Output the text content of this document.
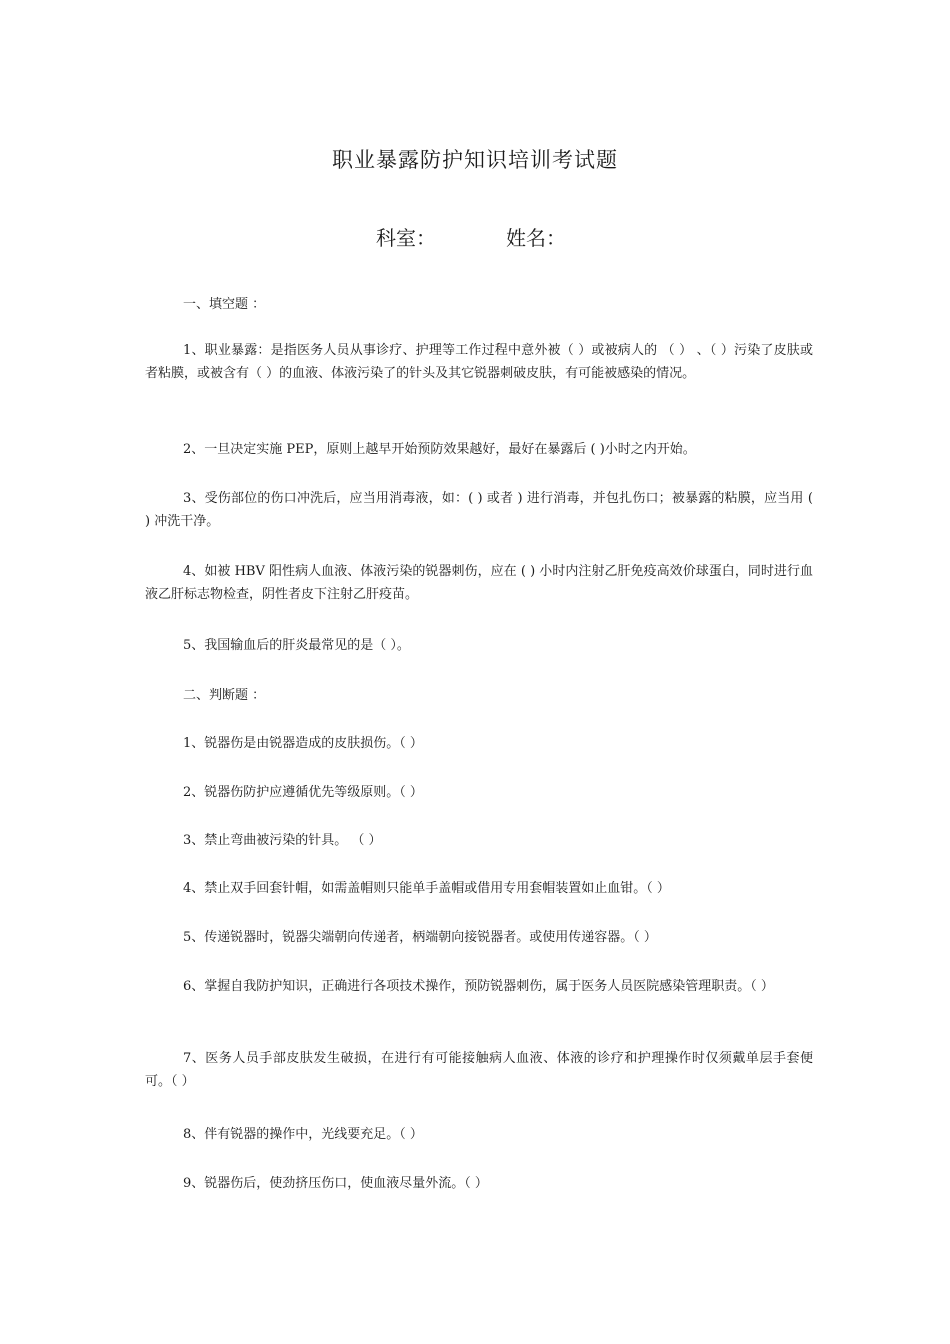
职业暴露防护知识培训考试题
科室：	姓名：
一、填空题 ：
1、职业暴露：是指医务人员从事诊疗、护理等工作过程中意外被（ ）或被病人的 （ ） 、（ ）污染了皮肤或者粘膜，或被含有（ ）的血液、体液污染了的针头及其它锐器刺破皮肤，有可能被感染的情况。
2、一旦决定实施 PEP，原则上越早开始预防效果越好，最好在暴露后 ( )小时之内开始。
3、受伤部位的伤口冲洗后，应当用消毒液，如：( ) 或者 ) 进行消毒，并包扎伤口；被暴露的粘膜，应当用 ( ) 冲洗干净。
4、如被 HBV 阳性病人血液、体液污染的锐器刺伤，应在 ( ) 小时内注射乙肝免疫高效价球蛋白，同时进行血液乙肝标志物检查，阴性者皮下注射乙肝疫苗。
5、我国输血后的肝炎最常见的是（ ）。
二、判断题 ：
1、锐器伤是由锐器造成的皮肤损伤。（ ）
2、锐器伤防护应遵循优先等级原则。（ ）
3、禁止弯曲被污染的针具。 （ ）
4、禁止双手回套针帽，如需盖帽则只能单手盖帽或借用专用套帽装置如止血钳。（ ）
5、传递锐器时，锐器尖端朝向传递者，柄端朝向接锐器者。或使用传递容器。（ ）
6、掌握自我防护知识，正确进行各项技术操作，预防锐器刺伤，属于医务人员医院感染管理职责。（ ）
7、医务人员手部皮肤发生破损，在进行有可能接触病人血液、体液的诊疗和护理操作时仅须戴单层手套便可。（ ）
8、伴有锐器的操作中，光线要充足。（ ）
9、锐器伤后，使劲挤压伤口，使血液尽量外流。（ ）
